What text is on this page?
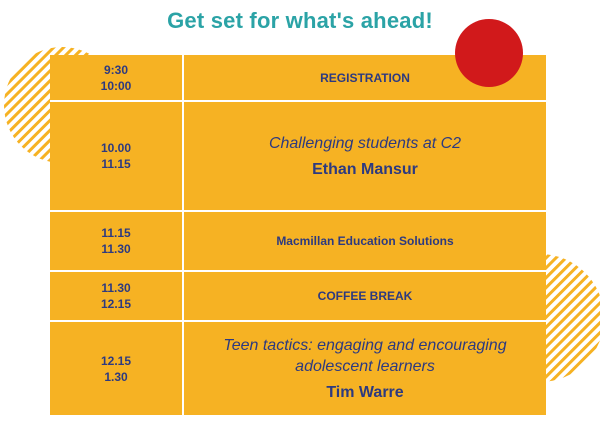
Get set for what's ahead!
9:30
10:00	REGISTRATION

10.00
11.15	Challenging students at C2
Ethan Mansur

11.15
11.30	Macmillan Education Solutions

11.30
12.15	COFFEE BREAK

12.15
1.30	Teen tactics: engaging and encouraging
adolescent learners
Tim Warre
